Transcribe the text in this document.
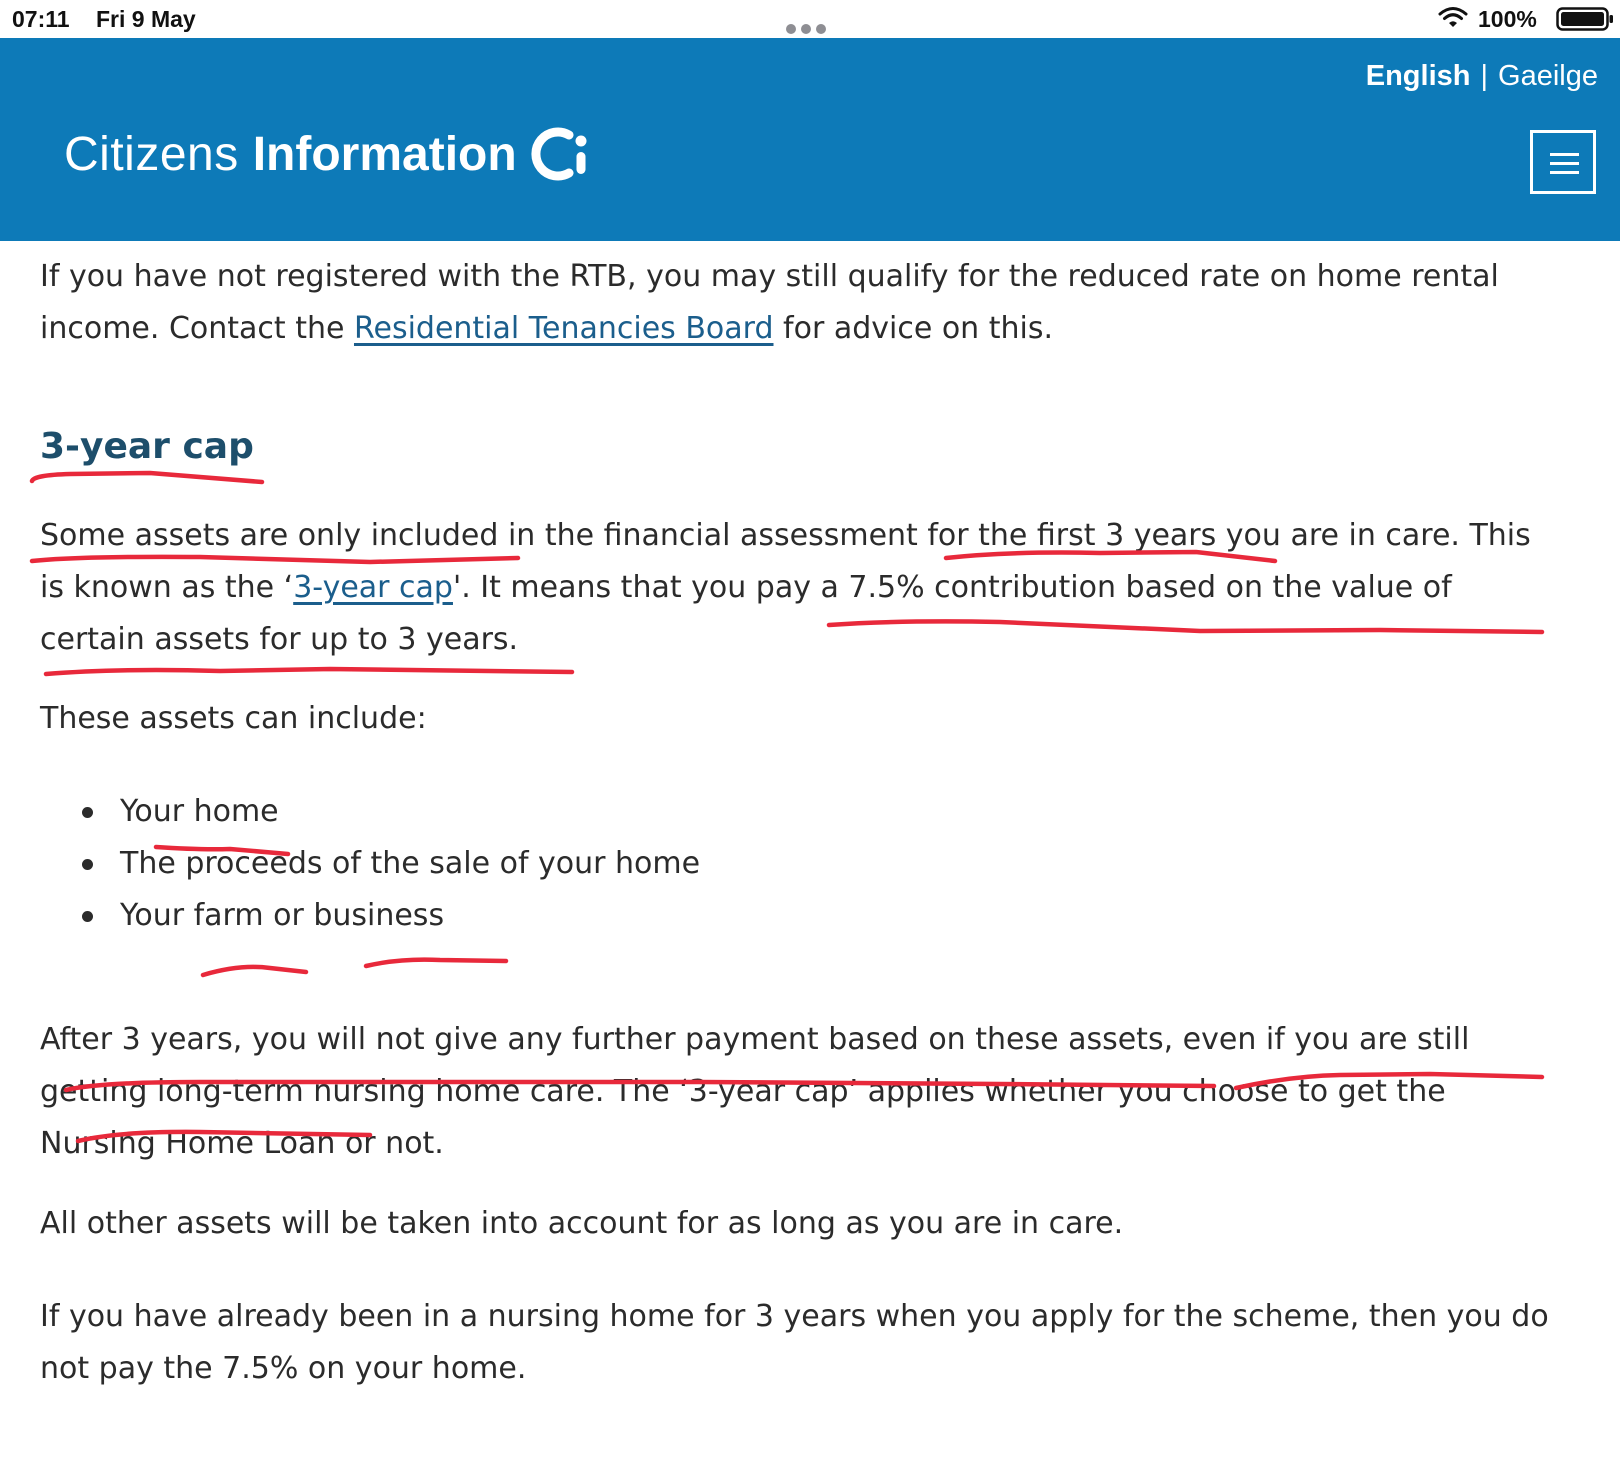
07:11 Fri 9 May	100%
English | Gaeilge
Citizens Information

If you have not registered with the RTB, you may still qualify for the reduced rate on home rental income. Contact the Residential Tenancies Board for advice on this.

3-year cap

Some assets are only included in the financial assessment for the first 3 years you are in care. This is known as the ‘3-year cap'. It means that you pay a 7.5% contribution based on the value of certain assets for up to 3 years.

These assets can include:

Your home
The proceeds of the sale of your home
Your farm or business

After 3 years, you will not give any further payment based on these assets, even if you are still getting long-term nursing home care. The ‘3-year cap’ applies whether you choose to get the Nursing Home Loan or not.

All other assets will be taken into account for as long as you are in care.

If you have already been in a nursing home for 3 years when you apply for the scheme, then you do not pay the 7.5% on your home.
